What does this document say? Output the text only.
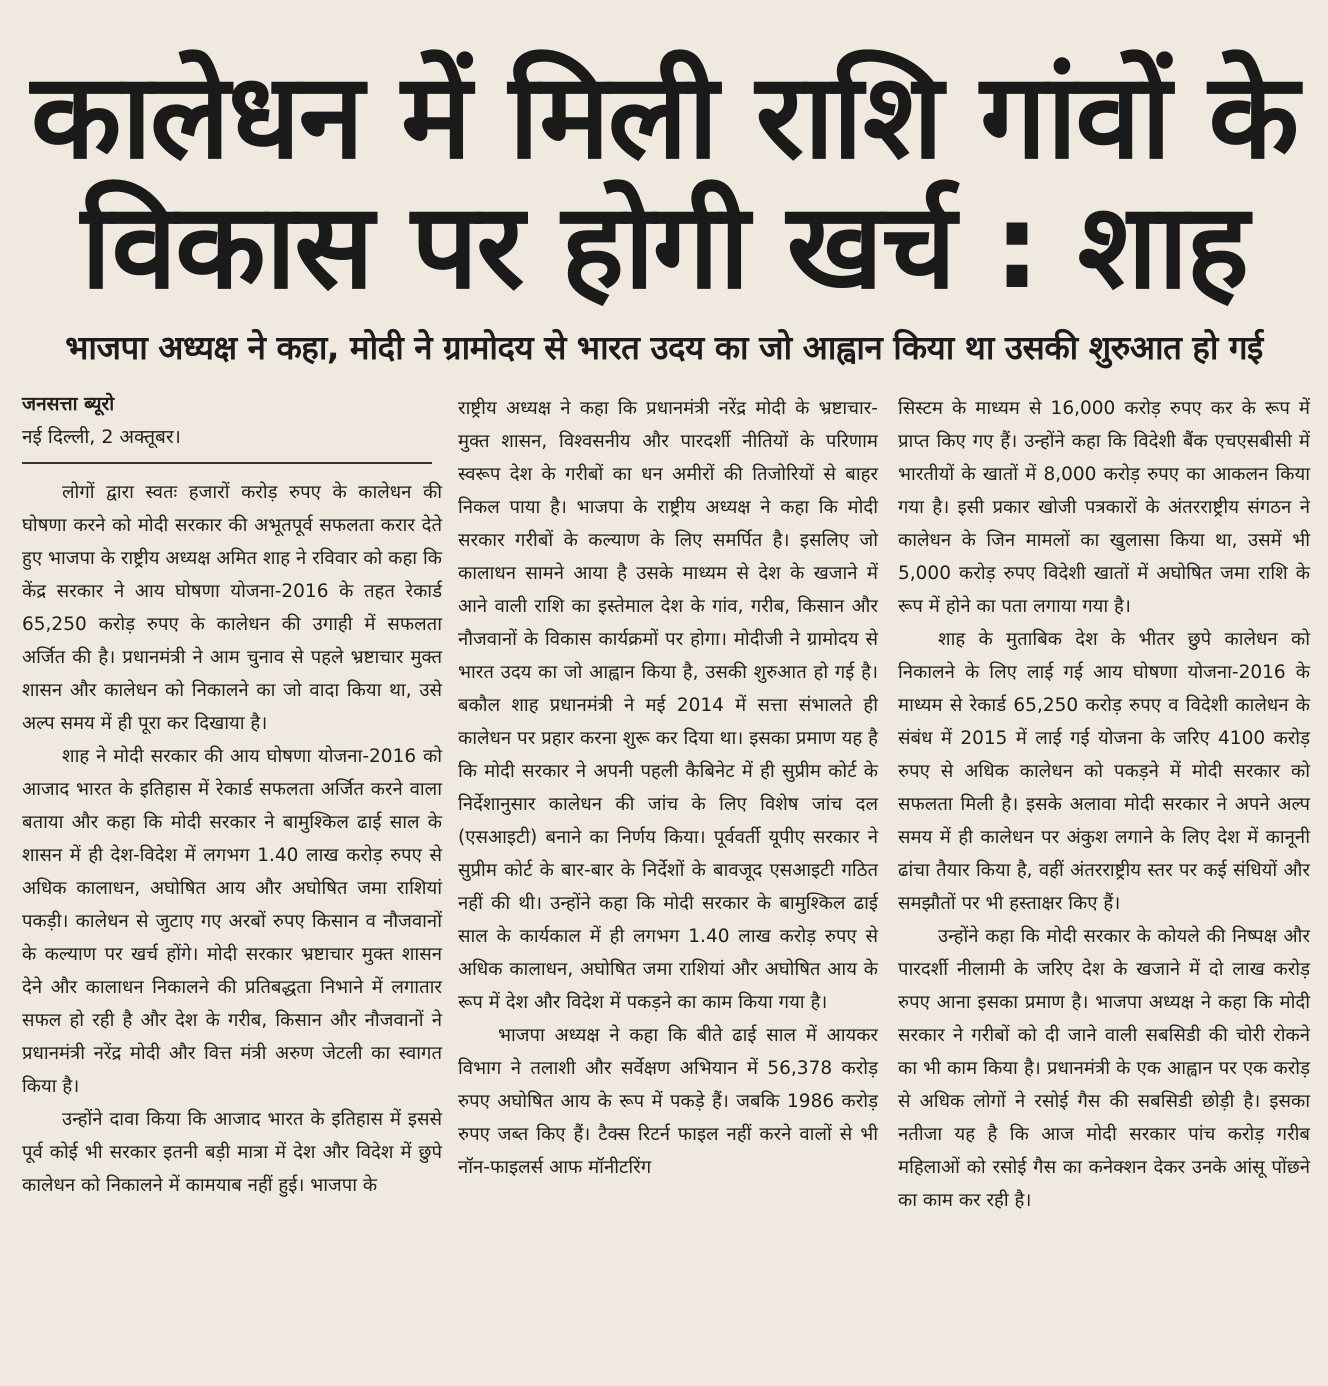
कालेधन में मिली राशि गांवों के
विकास पर होगी खर्च : शाह
भाजपा अध्यक्ष ने कहा, मोदी ने ग्रामोदय से भारत उदय का जो आह्वान किया था उसकी शुरुआत हो गई

जनसत्ता ब्यूरो

नई दिल्ली, 2 अक्तूबर।

लोगों द्वारा स्वतः हजारों करोड़ रुपए के कालेधन की घोषणा करने को मोदी सरकार की अभूतपूर्व सफलता करार देते हुए भाजपा के राष्ट्रीय अध्यक्ष अमित शाह ने रविवार को कहा कि केंद्र सरकार ने आय घोषणा योजना-2016 के तहत रेकार्ड 65,250 करोड़ रुपए के कालेधन की उगाही में सफलता अर्जित की है। प्रधानमंत्री ने आम चुनाव से पहले भ्रष्टाचार मुक्त शासन और कालेधन को निकालने का जो वादा किया था, उसे अल्प समय में ही पूरा कर दिखाया है।

शाह ने मोदी सरकार की आय घोषणा योजना-2016 को आजाद भारत के इतिहास में रेकार्ड सफलता अर्जित करने वाला बताया और कहा कि मोदी सरकार ने बामुश्किल ढाई साल के शासन में ही देश-विदेश में लगभग 1.40 लाख करोड़ रुपए से अधिक कालाधन, अघोषित आय और अघोषित जमा राशियां पकड़ी। कालेधन से जुटाए गए अरबों रुपए किसान व नौजवानों के कल्याण पर खर्च होंगे। मोदी सरकार भ्रष्टाचार मुक्त शासन देने और कालाधन निकालने की प्रतिबद्धता निभाने में लगातार सफल हो रही है और देश के गरीब, किसान और नौजवानों ने प्रधानमंत्री नरेंद्र मोदी और वित्त मंत्री अरुण जेटली का स्वागत किया है।

उन्होंने दावा किया कि आजाद भारत के इतिहास में इससे पूर्व कोई भी सरकार इतनी बड़ी मात्रा में देश और विदेश में छुपे कालेधन को निकालने में कामयाब नहीं हुई। भाजपा के

राष्ट्रीय अध्यक्ष ने कहा कि प्रधानमंत्री नरेंद्र मोदी के भ्रष्टाचार-मुक्त शासन, विश्वसनीय और पारदर्शी नीतियों के परिणाम स्वरूप देश के गरीबों का धन अमीरों की तिजोरियों से बाहर निकल पाया है। भाजपा के राष्ट्रीय अध्यक्ष ने कहा कि मोदी सरकार गरीबों के कल्याण के लिए समर्पित है। इसलिए जो कालाधन सामने आया है उसके माध्यम से देश के खजाने में आने वाली राशि का इस्तेमाल देश के गांव, गरीब, किसान और नौजवानों के विकास कार्यक्रमों पर होगा। मोदीजी ने ग्रामोदय से भारत उदय का जो आह्वान किया है, उसकी शुरुआत हो गई है। बकौल शाह प्रधानमंत्री ने मई 2014 में सत्ता संभालते ही कालेधन पर प्रहार करना शुरू कर दिया था। इसका प्रमाण यह है कि मोदी सरकार ने अपनी पहली कैबिनेट में ही सुप्रीम कोर्ट के निर्देशानुसार कालेधन की जांच के लिए विशेष जांच दल (एसआइटी) बनाने का निर्णय किया। पूर्ववर्ती यूपीए सरकार ने सुप्रीम कोर्ट के बार-बार के निर्देशों के बावजूद एसआइटी गठित नहीं की थी। उन्होंने कहा कि मोदी सरकार के बामुश्किल ढाई साल के कार्यकाल में ही लगभग 1.40 लाख करोड़ रुपए से अधिक कालाधन, अघोषित जमा राशियां और अघोषित आय के रूप में देश और विदेश में पकड़ने का काम किया गया है।

भाजपा अध्यक्ष ने कहा कि बीते ढाई साल में आयकर विभाग ने तलाशी और सर्वेक्षण अभियान में 56,378 करोड़ रुपए अघोषित आय के रूप में पकड़े हैं। जबकि 1986 करोड़ रुपए जब्त किए हैं। टैक्स रिटर्न फाइल नहीं करने वालों से भी नॉन-फाइलर्स आफ मॉनीटरिंग

सिस्टम के माध्यम से 16,000 करोड़ रुपए कर के रूप में प्राप्त किए गए हैं। उन्होंने कहा कि विदेशी बैंक एचएसबीसी में भारतीयों के खातों में 8,000 करोड़ रुपए का आकलन किया गया है। इसी प्रकार खोजी पत्रकारों के अंतरराष्ट्रीय संगठन ने कालेधन के जिन मामलों का खुलासा किया था, उसमें भी 5,000 करोड़ रुपए विदेशी खातों में अघोषित जमा राशि के रूप में होने का पता लगाया गया है।

शाह के मुताबिक देश के भीतर छुपे कालेधन को निकालने के लिए लाई गई आय घोषणा योजना-2016 के माध्यम से रेकार्ड 65,250 करोड़ रुपए व विदेशी कालेधन के संबंध में 2015 में लाई गई योजना के जरिए 4100 करोड़ रुपए से अधिक कालेधन को पकड़ने में मोदी सरकार को सफलता मिली है। इसके अलावा मोदी सरकार ने अपने अल्प समय में ही कालेधन पर अंकुश लगाने के लिए देश में कानूनी ढांचा तैयार किया है, वहीं अंतरराष्ट्रीय स्तर पर कई संधियों और समझौतों पर भी हस्ताक्षर किए हैं।

उन्होंने कहा कि मोदी सरकार के कोयले की निष्पक्ष और पारदर्शी नीलामी के जरिए देश के खजाने में दो लाख करोड़ रुपए आना इसका प्रमाण है। भाजपा अध्यक्ष ने कहा कि मोदी सरकार ने गरीबों को दी जाने वाली सबसिडी की चोरी रोकने का भी काम किया है। प्रधानमंत्री के एक आह्वान पर एक करोड़ से अधिक लोगों ने रसोई गैस की सबसिडी छोड़ी है। इसका नतीजा यह है कि आज मोदी सरकार पांच करोड़ गरीब महिलाओं को रसोई गैस का कनेक्शन देकर उनके आंसू पोंछने का काम कर रही है।
